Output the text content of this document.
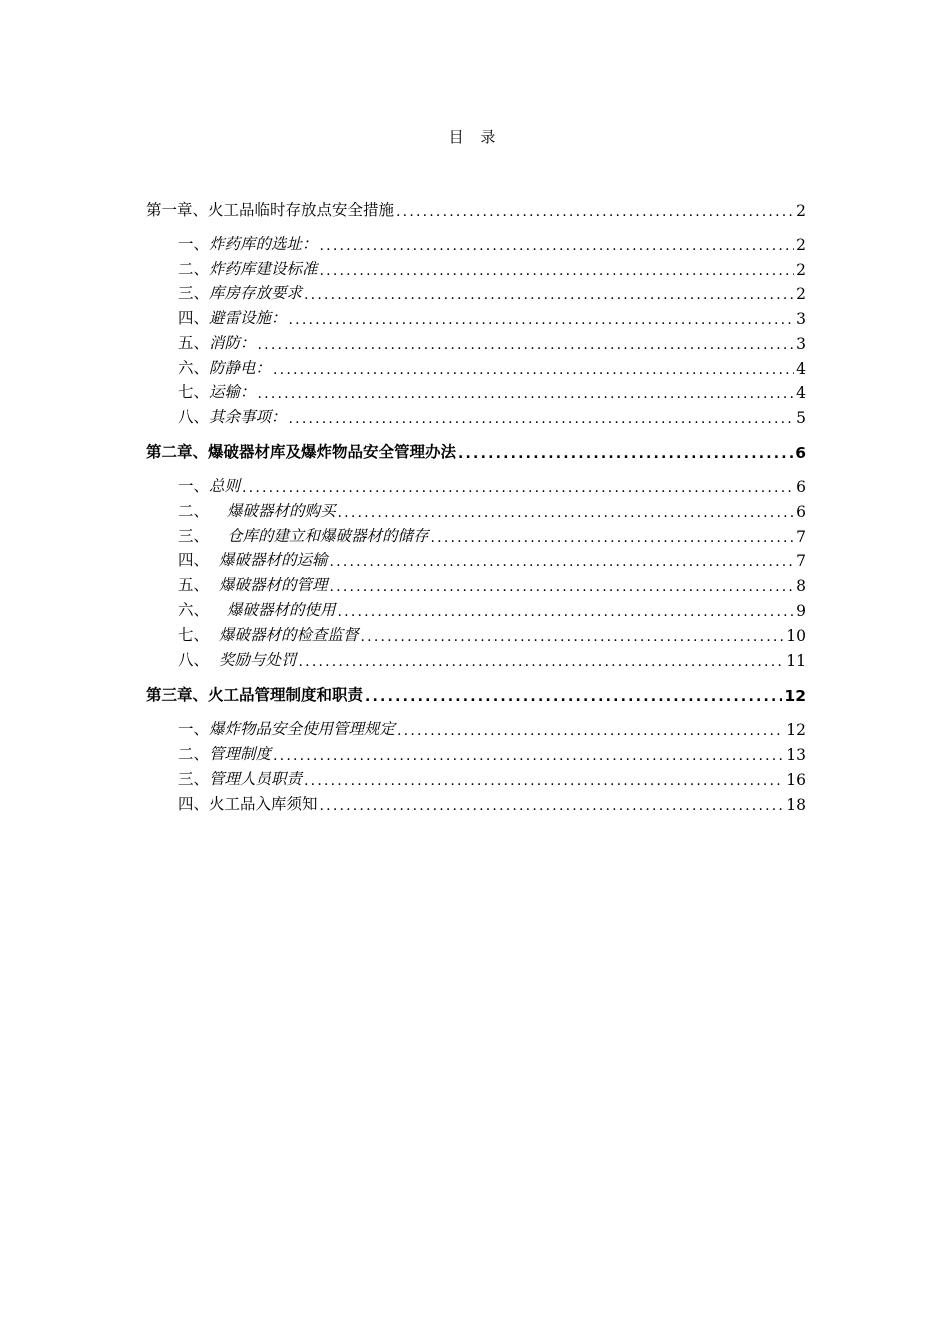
目 录
第一章、火工品临时存放点安全措施 .....	2
一、炸药库的选址： .....	2
二、炸药库建设标准 .....	2
三、库房存放要求 .....	2
四、避雷设施： .....	3
五、消防： .....	3
六、防静电： .....	4
七、运输： .....	4
八、其余事项： .....	5
第二章、爆破器材库及爆炸物品安全管理办法 .....	6
一、总则 .....	6
二、 爆破器材的购买 .....	6
三、 仓库的建立和爆破器材的储存 .....	7
四、 爆破器材的运输 .....	7
五、 爆破器材的管理 .....	8
六、 爆破器材的使用 .....	9
七、 爆破器材的检查监督 .....	10
八、 奖励与处罚 .....	11
第三章、火工品管理制度和职责 .....	12
一、爆炸物品安全使用管理规定 .....	12
二、管理制度 .....	13
三、管理人员职责 .....	16
四、火工品入库须知 .....	18
